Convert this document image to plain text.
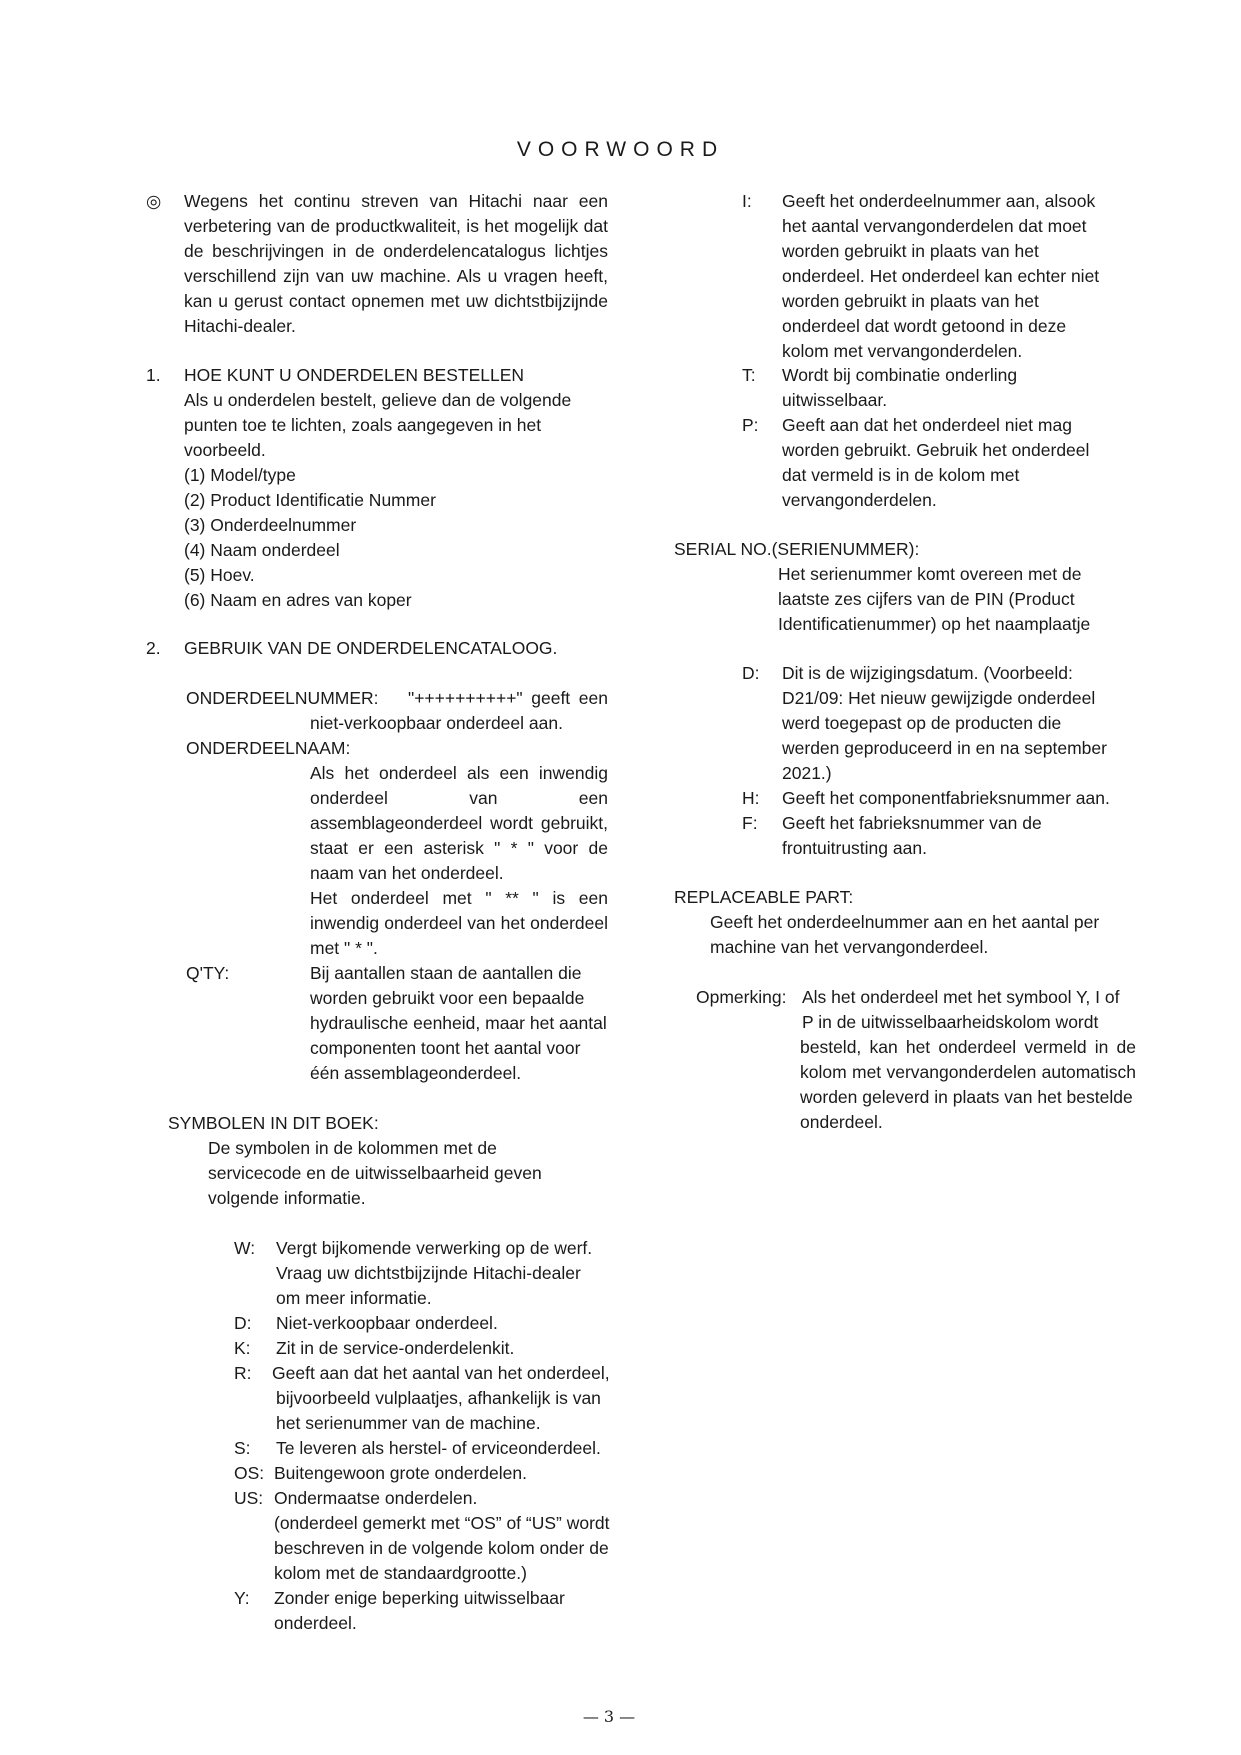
VOORWOORD
◎ Wegens het continu streven van Hitachi naar een
verbetering van de productkwaliteit, is het mogelijk dat
de beschrijvingen in de onderdelencatalogus lichtjes
verschillend zijn van uw machine. Als u vragen heeft,
kan u gerust contact opnemen met uw dichtstbijzijnde
Hitachi-dealer.
1. HOE KUNT U ONDERDELEN BESTELLEN
Als u onderdelen bestelt, gelieve dan de volgende
punten toe te lichten, zoals aangegeven in het
voorbeeld.
(1) Model/type
(2) Product Identificatie Nummer
(3) Onderdeelnummer
(4) Naam onderdeel
(5) Hoev.
(6) Naam en adres van koper
2. GEBRUIK VAN DE ONDERDELENCATALOOG.
ONDERDEELNUMMER: "++++++++++" geeft een
niet-verkoopbaar onderdeel aan.
ONDERDEELNAAM:
Als het onderdeel als een inwendig
onderdeel van een
assemblageonderdeel wordt gebruikt,
staat er een asterisk " * " voor de
naam van het onderdeel.
Het onderdeel met " ** " is een
inwendig onderdeel van het onderdeel
met " * ".
Q'TY:	Bij aantallen staan de aantallen die
worden gebruikt voor een bepaalde
hydraulische eenheid, maar het aantal
componenten toont het aantal voor
één assemblageonderdeel.
SYMBOLEN IN DIT BOEK:
De symbolen in de kolommen met de
servicecode en de uitwisselbaarheid geven
volgende informatie.
W: Vergt bijkomende verwerking op de werf.
Vraag uw dichtstbijzijnde Hitachi-dealer
om meer informatie.
D: Niet-verkoopbaar onderdeel.
K: Zit in de service-onderdelenkit.
R: Geeft aan dat het aantal van het onderdeel,
bijvoorbeeld vulplaatjes, afhankelijk is van
het serienummer van de machine.
S: Te leveren als herstel- of erviceonderdeel.
OS: Buitengewoon grote onderdelen.
US: Ondermaatse onderdelen.
(onderdeel gemerkt met “OS” of “US” wordt
beschreven in de volgende kolom onder de
kolom met de standaardgrootte.)
Y: Zonder enige beperking uitwisselbaar
onderdeel.
I: Geeft het onderdeelnummer aan, alsook
het aantal vervangonderdelen dat moet
worden gebruikt in plaats van het
onderdeel. Het onderdeel kan echter niet
worden gebruikt in plaats van het
onderdeel dat wordt getoond in deze
kolom met vervangonderdelen.
T: Wordt bij combinatie onderling
uitwisselbaar.
P: Geeft aan dat het onderdeel niet mag
worden gebruikt. Gebruik het onderdeel
dat vermeld is in de kolom met
vervangonderdelen.
SERIAL NO.(SERIENUMMER):
Het serienummer komt overeen met de
laatste zes cijfers van de PIN (Product
Identificatienummer) op het naamplaatje
D: Dit is de wijzigingsdatum. (Voorbeeld:
D21/09: Het nieuw gewijzigde onderdeel
werd toegepast op de producten die
werden geproduceerd in en na september
2021.)
H: Geeft het componentfabrieksnummer aan.
F: Geeft het fabrieksnummer van de
frontuitrusting aan.
REPLACEABLE PART:
Geeft het onderdeelnummer aan en het aantal per
machine van het vervangonderdeel.
Opmerking: Als het onderdeel met het symbool Y, I of
P in de uitwisselbaarheidskolom wordt
besteld, kan het onderdeel vermeld in de
kolom met vervangonderdelen automatisch
worden geleverd in plaats van het bestelde
onderdeel.
— 3 —
